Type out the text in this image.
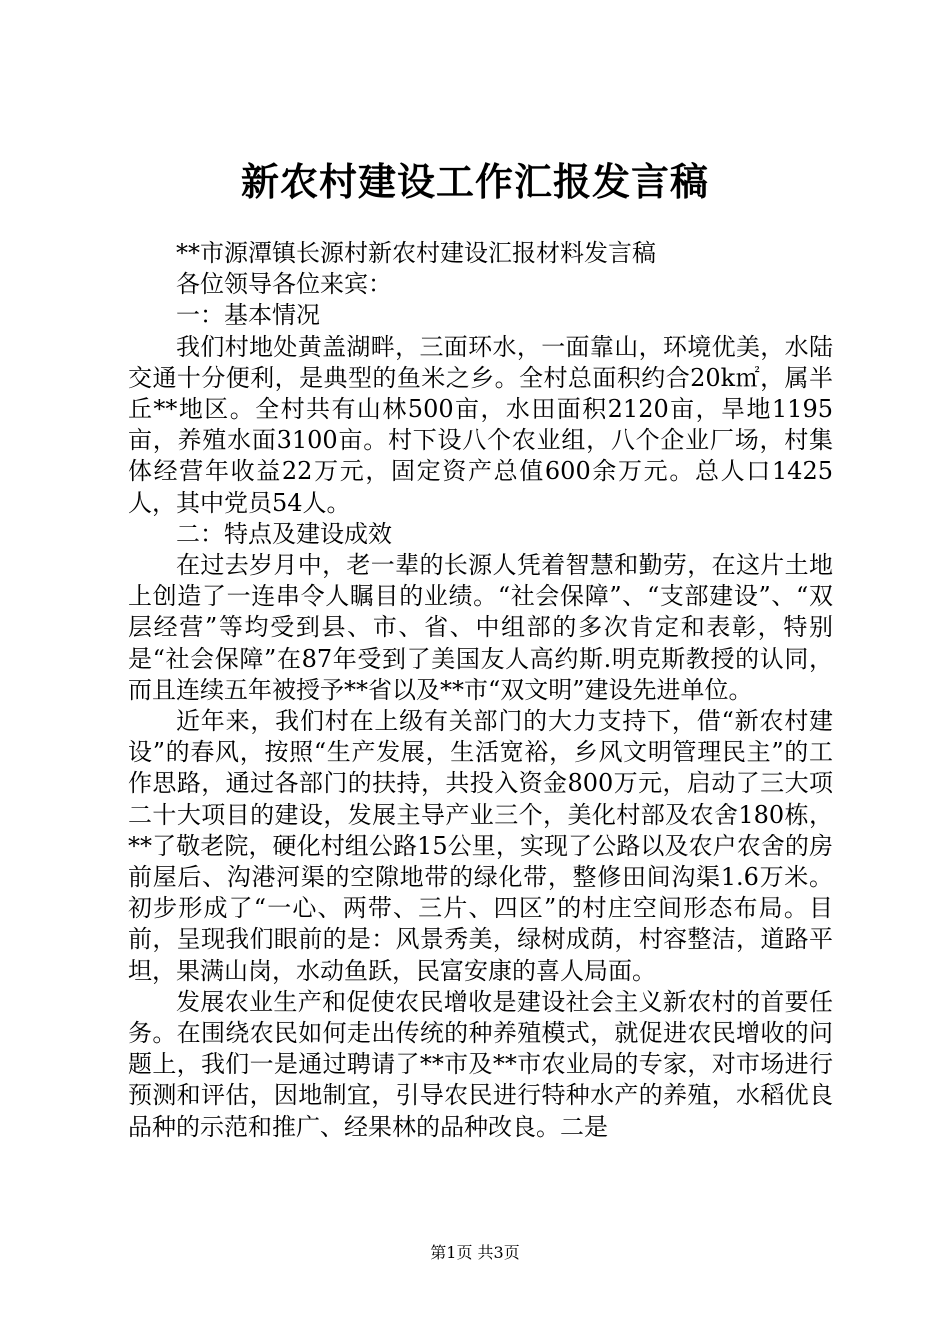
新农村建设工作汇报发言稿

**市源潭镇长源村新农村建设汇报材料发言稿

各位领导各位来宾：

一：基本情况

我们村地处黄盖湖畔，三面环水，一面靠山，环境优美，水陆交通十分便利，是典型的鱼米之乡。全村总面积约合20k㎡，属半丘**地区。全村共有山林500亩，水田面积2120亩，旱地1195亩，养殖水面3100亩。村下设八个农业组，八个企业厂场，村集体经营年收益22万元，固定资产总值600余万元。总人口1425人，其中党员54人。

二：特点及建设成效

在过去岁月中，老一辈的长源人凭着智慧和勤劳，在这片土地上创造了一连串令人瞩目的业绩。“社会保障”、“支部建设”、“双层经营”等均受到县、市、省、中组部的多次肯定和表彰，特别是“社会保障”在87年受到了美国友人高约斯.明克斯教授的认同，而且连续五年被授予**省以及**市“双文明”建设先进单位。

近年来，我们村在上级有关部门的大力支持下，借“新农村建设”的春风，按照“生产发展，生活宽裕，乡风文明管理民主”的工作思路，通过各部门的扶持，共投入资金800万元，启动了三大项二十大项目的建设，发展主导产业三个，美化村部及农舍180栋，**了敬老院，硬化村组公路15公里，实现了公路以及农户农舍的房前屋后、沟港河渠的空隙地带的绿化带，整修田间沟渠1.6万米。初步形成了“一心、两带、三片、四区”的村庄空间形态布局。目前，呈现我们眼前的是：风景秀美，绿树成荫，村容整洁，道路平坦，果满山岗，水动鱼跃，民富安康的喜人局面。

发展农业生产和促使农民增收是建设社会主义新农村的首要任务。在围绕农民如何走出传统的种养殖模式，就促进农民增收的问题上，我们一是通过聘请了**市及**市农业局的专家，对市场进行预测和评估，因地制宜，引导农民进行特种水产的养殖，水稻优良品种的示范和推广、经果林的品种改良。二是

第1页 共3页
